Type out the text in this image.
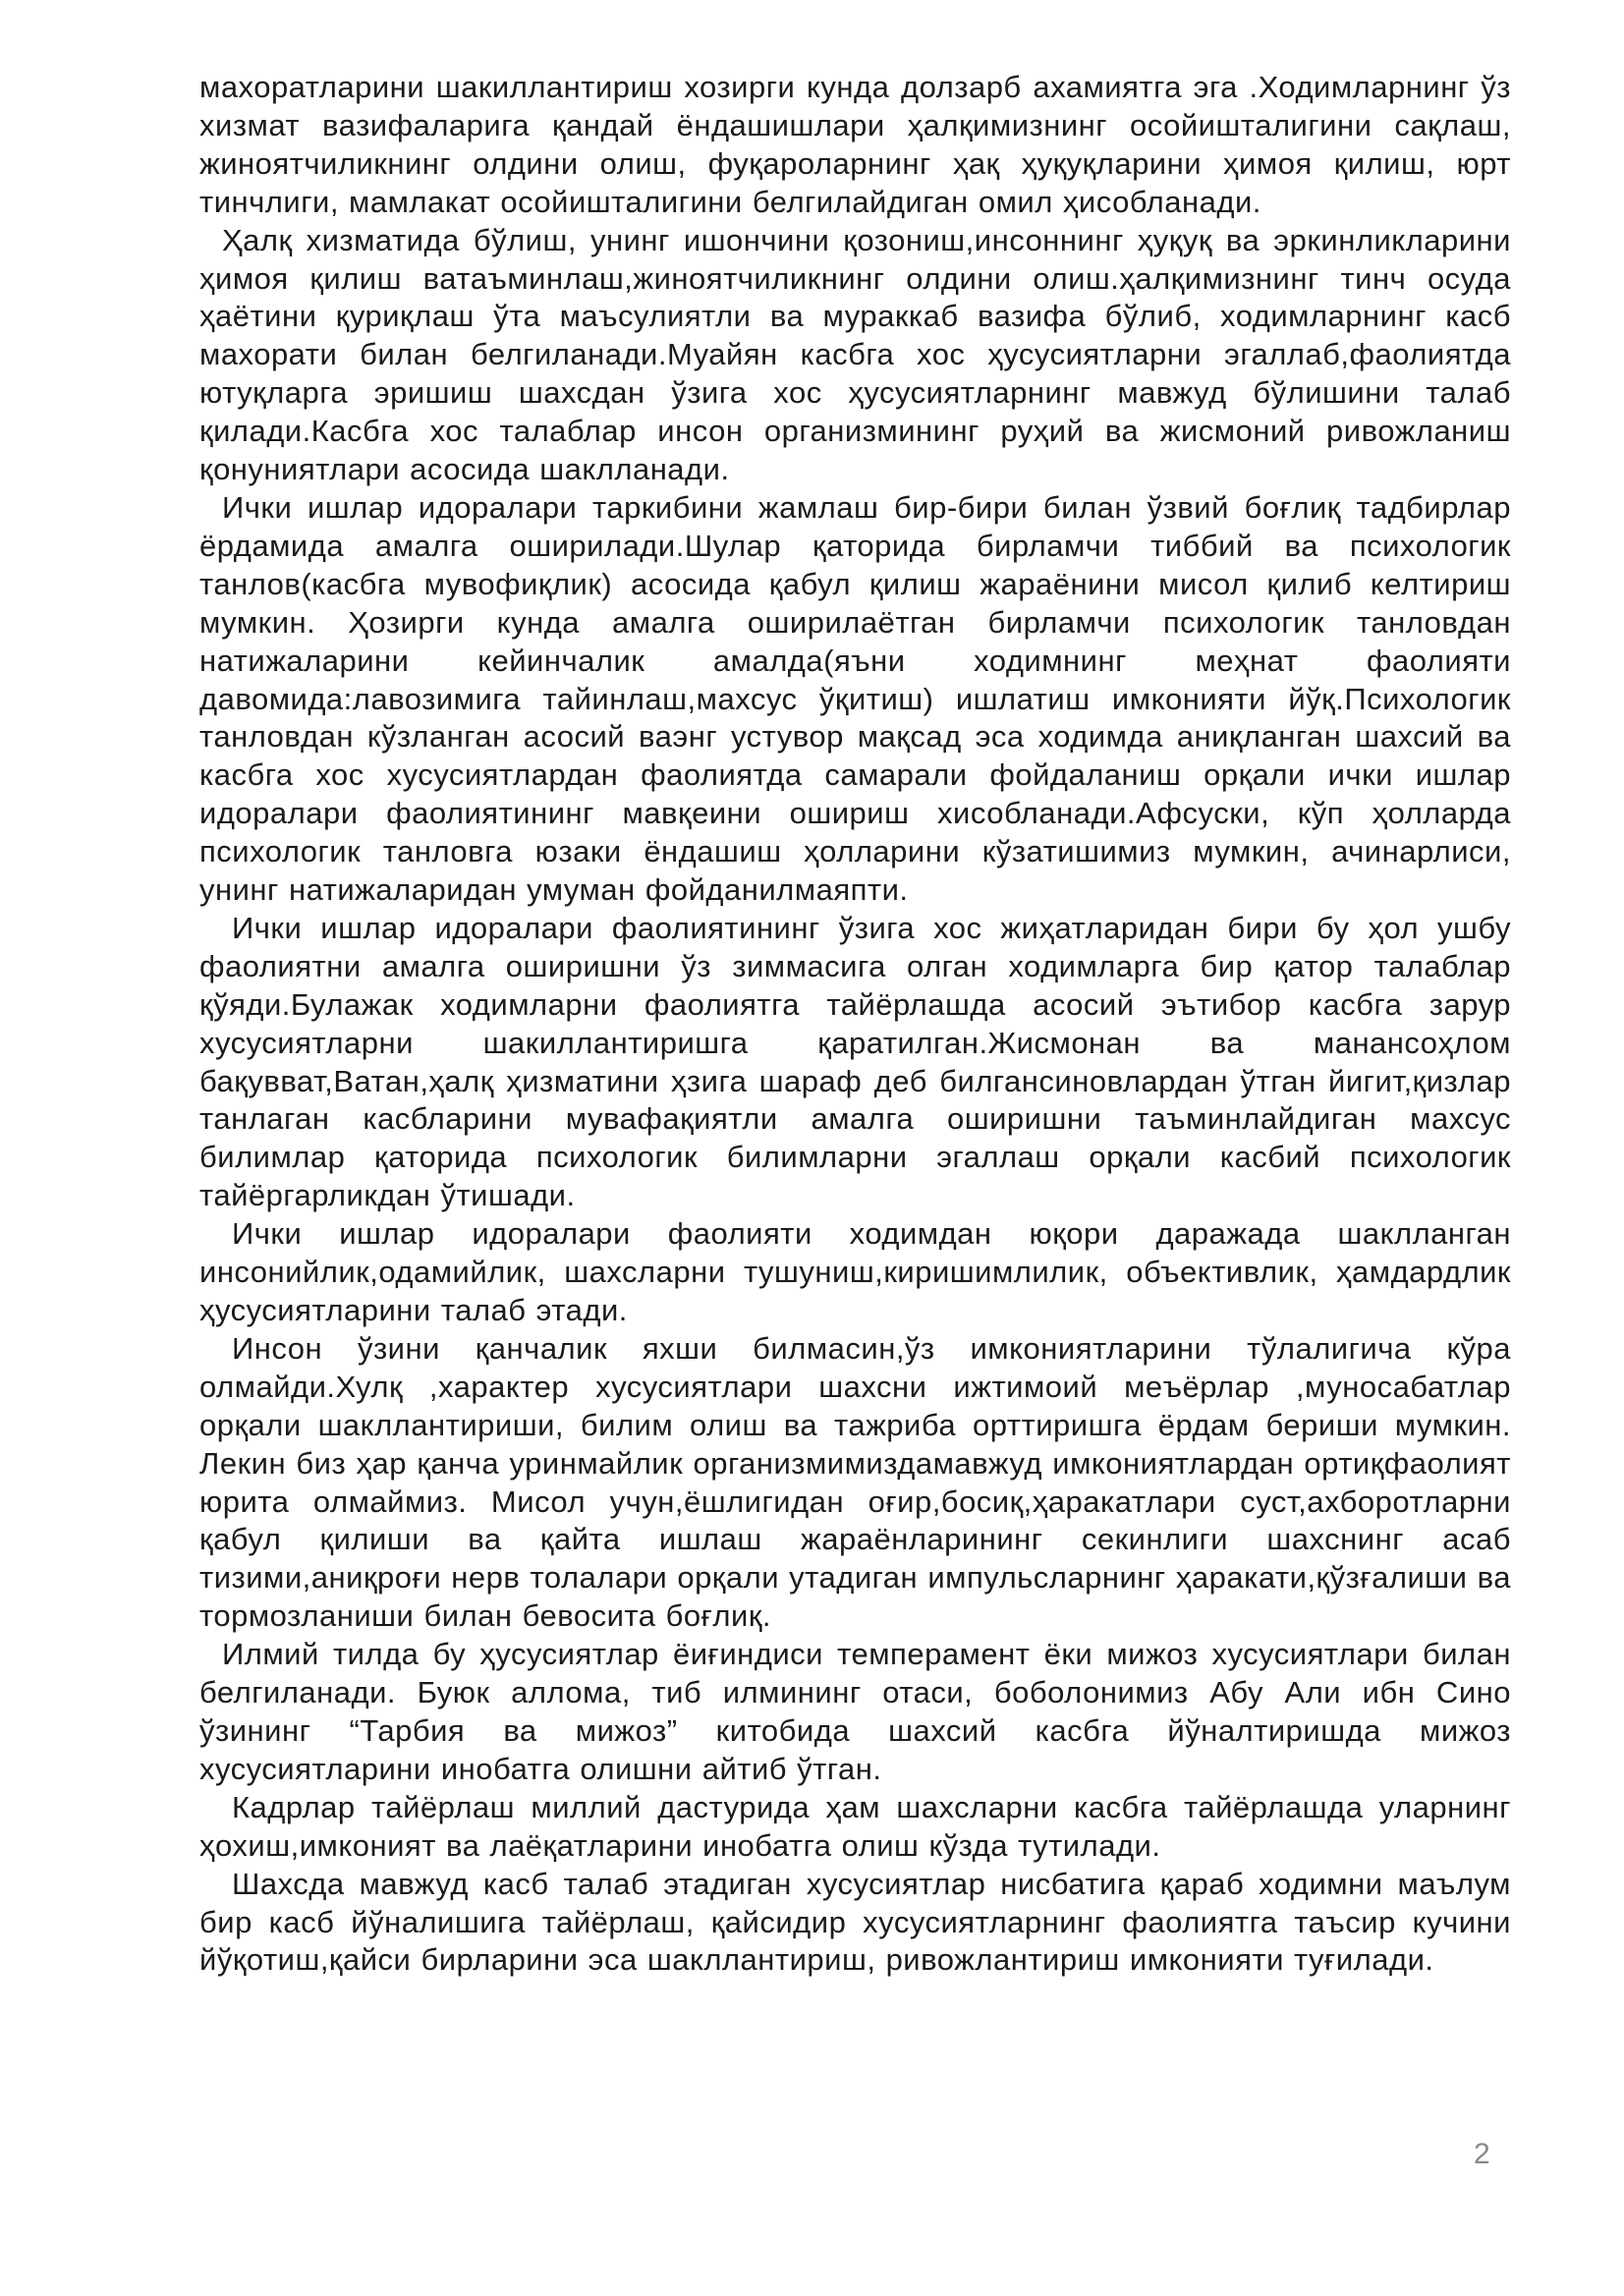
махоратларини шакиллантириш хозирги кунда долзарб ахамиятга эга .Ходимларнинг ўз хизмат вазифаларига қандай ёндашишлари ҳалқимизнинг осойишталигини сақлаш, жиноятчиликнинг олдини олиш, фуқароларнинг ҳақ ҳуқуқларини ҳимоя қилиш, юрт тинчлиги, мамлакат осойишталигини белгилайдиган омил ҳисобланади.

Ҳалқ хизматида бўлиш, унинг ишончини қозониш,инсоннинг ҳуқуқ ва эркинликларини ҳимоя қилиш ватаъминлаш,жиноятчиликнинг олдини олиш.ҳалқимизнинг тинч осуда ҳаётини қуриқлаш ўта маъсулиятли ва мураккаб вазифа бўлиб, ходимларнинг касб махорати билан белгиланади.Муайян касбга хос ҳусусиятларни эгаллаб,фаолиятда ютуқларга эришиш шахсдан ўзига хос ҳусусиятларнинг мавжуд бўлишини талаб қилади.Касбга хос талаблар инсон организмининг руҳий ва жисмоний ривожланиш қонуниятлари асосида шаклланади.

Ички ишлар идоралари таркибини жамлаш бир-бири билан ўзвий боғлиқ тадбирлар ёрдамида амалга оширилади.Шулар қаторида бирламчи тиббий ва психологик танлов(касбга мувофиқлик) асосида қабул қилиш жараёнини мисол қилиб келтириш мумкин. Ҳозирги кунда амалга оширилаётган бирламчи психологик танловдан натижаларини кейинчалик амалда(яъни ходимнинг меҳнат фаолияти давомида:лавозимига тайинлаш,махсус ўқитиш) ишлатиш имконияти йўқ.Психологик танловдан кўзланган асосий ваэнг устувор мақсад эса ходимда аниқланган шахсий ва касбга хос хусусиятлардан фаолиятда самарали фойдаланиш орқали ички ишлар идоралари фаолиятининг мавқеини ошириш хисобланади.Афсуски, кўп ҳолларда психологик танловга юзаки ёндашиш ҳолларини кўзатишимиз мумкин, ачинарлиси, унинг натижаларидан умуман фойданилмаяпти.

Ички ишлар идоралари фаолиятининг ўзига хос жиҳатларидан бири бу ҳол ушбу фаолиятни амалга оширишни ўз зиммасига олган ходимларга бир қатор талаблар қўяди.Булажак ходимларни фаолиятга тайёрлашда асосий эътибор касбга зарур хусусиятларни шакиллантиришга қаратилган.Жисмонан ва манансоҳлом бақувват,Ватан,ҳалқ ҳизматини ҳзига шараф деб билгансиновлардан ўтган йигит,қизлар танлаган касбларини мувафақиятли амалга оширишни таъминлайдиган махсус билимлар қаторида психологик билимларни эгаллаш орқали касбий психологик тайёргарликдан ўтишади.

Ички ишлар идоралари фаолияти ходимдан юқори даражада шаклланган инсонийлик,одамийлик, шахсларни тушуниш,киришимлилик, объективлик, ҳамдардлик ҳусусиятларини талаб этади.

Инсон ўзини қанчалик яхши билмасин,ўз имкониятларини тўлалигича кўра олмайди.Хулқ ,характер хусусиятлари шахсни ижтимоий меъёрлар ,муносабатлар орқали шакллантириши, билим олиш ва тажриба орттиришга ёрдам бериши мумкин. Лекин биз ҳар қанча уринмайлик организмимиздамавжуд имкониятлардан ортиқфаолият юрита олмаймиз. Мисол учун,ёшлигидан оғир,босиқ,ҳаракатлари суст,ахборотларни қабул қилиши ва қайта ишлаш жараёнларининг секинлиги шахснинг асаб тизими,аниқроғи нерв толалари орқали утадиган импульсларнинг ҳаракати,қўзғалиши ва тормозланиши билан бевосита боғлиқ.

Илмий тилда бу ҳусусиятлар ёиғиндиси темперамент ёки мижоз хусусиятлари билан белгиланади. Буюк аллома, тиб илмининг отаси, боболонимиз Абу Али ибн Сино ўзининг “Тарбия ва мижоз” китобида шахсий касбга йўналтиришда мижоз хусусиятларини инобатга олишни айтиб ўтган.

Кадрлар тайёрлаш миллий дастурида ҳам шахсларни касбга тайёрлашда уларнинг ҳохиш,имконият ва лаёқатларини инобатга олиш кўзда тутилади.

Шахсда мавжуд касб талаб этадиган хусусиятлар нисбатига қараб ходимни маълум бир касб йўналишига тайёрлаш, қайсидир хусусиятларнинг фаолиятга таъсир кучини йўқотиш,қайси бирларини эса шакллантириш, ривожлантириш имконияти туғилади.

2
